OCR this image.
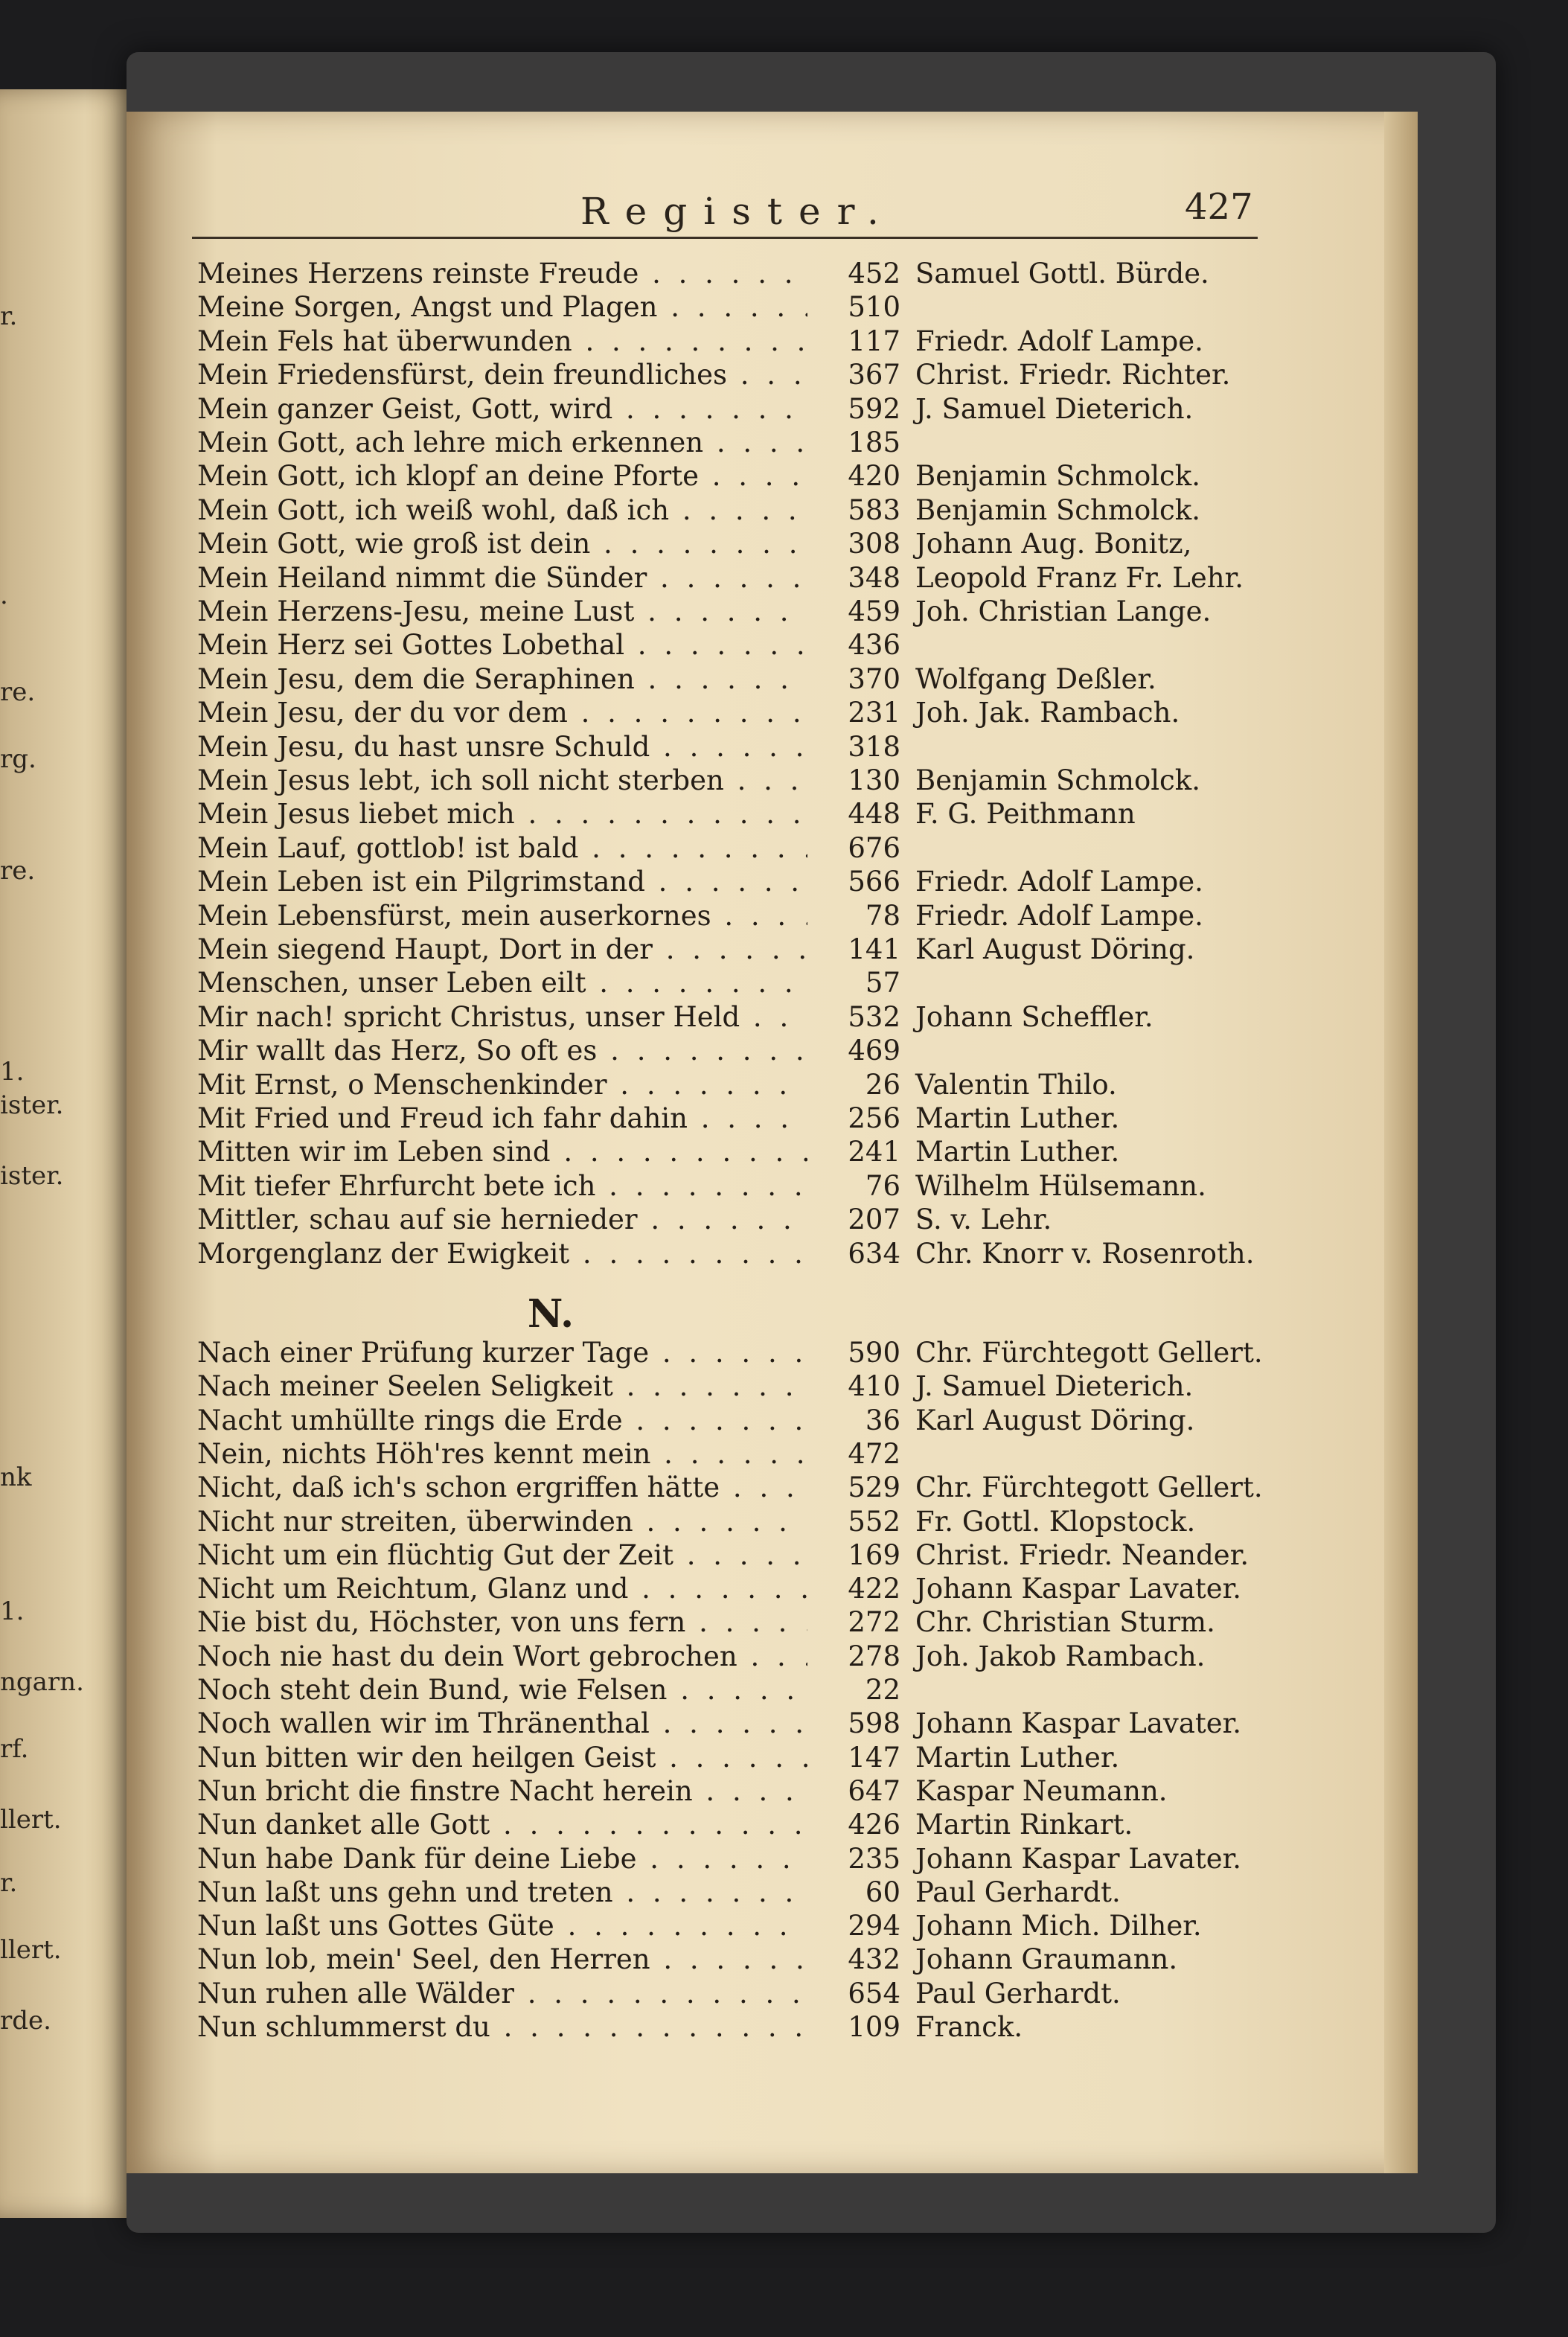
r.
.
re.
rg.
re.
1.
ister.
ister.
nk
1.
ngarn.
rf.
llert.
r.
llert.
rde.
Register.	427
Meines Herzens reinste Freude . . .	452 Samuel Gottl. Bürde.
Meine Sorgen, Angst und Plagen . . .	510
Mein Fels hat überwunden . . .	117 Friedr. Adolf Lampe.
Mein Friedensfürst, dein freundliches . . .	367 Christ. Friedr. Richter.
Mein ganzer Geist, Gott, wird . . .	592 J. Samuel Dieterich.
Mein Gott, ach lehre mich erkennen . . .	185
Mein Gott, ich klopf an deine Pforte . . .	420 Benjamin Schmolck.
Mein Gott, ich weiß wohl, daß ich . . .	583 Benjamin Schmolck.
Mein Gott, wie groß ist dein . . .	308 Johann Aug. Bonitz,
Mein Heiland nimmt die Sünder . . .	348 Leopold Franz Fr. Lehr.
Mein Herzens-Jesu, meine Lust . . .	459 Joh. Christian Lange.
Mein Herz sei Gottes Lobethal . . .	436
Mein Jesu, dem die Seraphinen . . .	370 Wolfgang Deßler.
Mein Jesu, der du vor dem . . .	231 Joh. Jak. Rambach.
Mein Jesu, du hast unsre Schuld . . .	318
Mein Jesus lebt, ich soll nicht sterben . . .	130 Benjamin Schmolck.
Mein Jesus liebet mich . . .	448 F. G. Peithmann
Mein Lauf, gottlob! ist bald . . .	676
Mein Leben ist ein Pilgrimstand . . .	566 Friedr. Adolf Lampe.
Mein Lebensfürst, mein auserkornes . . .	78 Friedr. Adolf Lampe.
Mein siegend Haupt, Dort in der . . .	141 Karl August Döring.
Menschen, unser Leben eilt . . .	57
Mir nach! spricht Christus, unser Held . . .	532 Johann Scheffler.
Mir wallt das Herz, So oft es . . .	469
Mit Ernst, o Menschenkinder . . .	26 Valentin Thilo.
Mit Fried und Freud ich fahr dahin . . .	256 Martin Luther.
Mitten wir im Leben sind . . .	241 Martin Luther.
Mit tiefer Ehrfurcht bete ich . . .	76 Wilhelm Hülsemann.
Mittler, schau auf sie hernieder . . .	207 S. v. Lehr.
Morgenglanz der Ewigkeit . . .	634 Chr. Knorr v. Rosenroth.
N.
Nach einer Prüfung kurzer Tage . . .	590 Chr. Fürchtegott Gellert.
Nach meiner Seelen Seligkeit . . .	410 J. Samuel Dieterich.
Nacht umhüllte rings die Erde . . .	36 Karl August Döring.
Nein, nichts Höh'res kennt mein . . .	472
Nicht, daß ich's schon ergriffen hätte . . .	529 Chr. Fürchtegott Gellert.
Nicht nur streiten, überwinden . . .	552 Fr. Gottl. Klopstock.
Nicht um ein flüchtig Gut der Zeit . . .	169 Christ. Friedr. Neander.
Nicht um Reichtum, Glanz und . . .	422 Johann Kaspar Lavater.
Nie bist du, Höchster, von uns fern . . .	272 Chr. Christian Sturm.
Noch nie hast du dein Wort gebrochen . . .	278 Joh. Jakob Rambach.
Noch steht dein Bund, wie Felsen . . .	22
Noch wallen wir im Thränenthal . . .	598 Johann Kaspar Lavater.
Nun bitten wir den heilgen Geist . . .	147 Martin Luther.
Nun bricht die finstre Nacht herein . . .	647 Kaspar Neumann.
Nun danket alle Gott . . .	426 Martin Rinkart.
Nun habe Dank für deine Liebe . . .	235 Johann Kaspar Lavater.
Nun laßt uns gehn und treten . . .	60 Paul Gerhardt.
Nun laßt uns Gottes Güte . . .	294 Johann Mich. Dilher.
Nun lob, mein' Seel, den Herren . . .	432 Johann Graumann.
Nun ruhen alle Wälder . . .	654 Paul Gerhardt.
Nun schlummerst du . . .	109 Franck.
